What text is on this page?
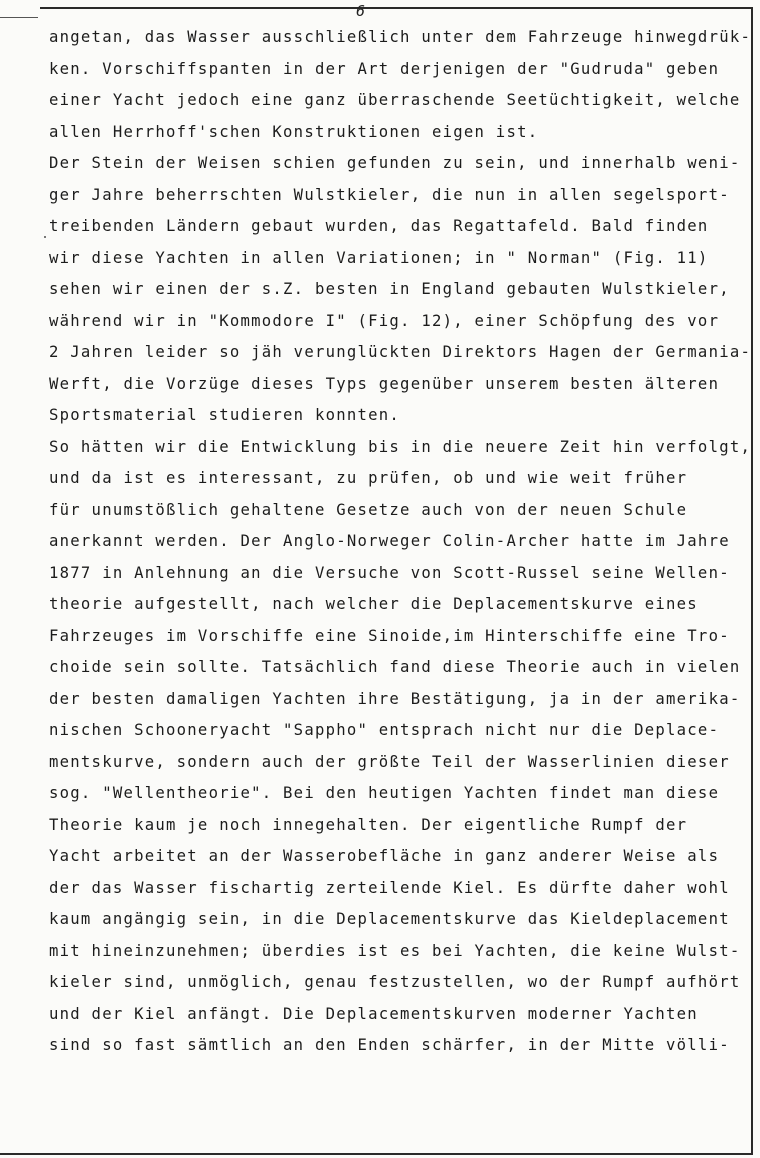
6
angetan, das Wasser ausschließlich unter dem Fahrzeuge hinwegdrük-
ken. Vorschiffspanten in der Art derjenigen der "Gudruda" geben
einer Yacht jedoch eine ganz überraschende Seetüchtigkeit, welche
allen Herrhoff'schen Konstruktionen eigen ist.
Der Stein der Weisen schien gefunden zu sein, und innerhalb weni-
ger Jahre beherrschten Wulstkieler, die nun in allen segelsport-
treibenden Ländern gebaut wurden, das Regattafeld. Bald finden
wir diese Yachten in allen Variationen; in " Norman" (Fig. 11)
sehen wir einen der s.Z. besten in England gebauten Wulstkieler,
während wir in "Kommodore I" (Fig. 12), einer Schöpfung des vor
2 Jahren leider so jäh verunglückten Direktors Hagen der Germania-
Werft, die Vorzüge dieses Typs gegenüber unserem besten älteren
Sportsmaterial studieren konnten.
So hätten wir die Entwicklung bis in die neuere Zeit hin verfolgt,
und da ist es interessant, zu prüfen, ob und wie weit früher
für unumstößlich gehaltene Gesetze auch von der neuen Schule
anerkannt werden. Der Anglo-Norweger Colin-Archer hatte im Jahre
1877 in Anlehnung an die Versuche von Scott-Russel seine Wellen-
theorie aufgestellt, nach welcher die Deplacementskurve eines
Fahrzeuges im Vorschiffe eine Sinoide,im Hinterschiffe eine Tro-
choide sein sollte. Tatsächlich fand diese Theorie auch in vielen
der besten damaligen Yachten ihre Bestätigung, ja in der amerika-
nischen Schooneryacht "Sappho" entsprach nicht nur die Deplace-
mentskurve, sondern auch der größte Teil der Wasserlinien dieser
sog. "Wellentheorie". Bei den heutigen Yachten findet man diese
Theorie kaum je noch innegehalten. Der eigentliche Rumpf der
Yacht arbeitet an der Wasserobefläche in ganz anderer Weise als
der das Wasser fischartig zerteilende Kiel. Es dürfte daher wohl
kaum angängig sein, in die Deplacementskurve das Kieldeplacement
mit hineinzunehmen; überdies ist es bei Yachten, die keine Wulst-
kieler sind, unmöglich, genau festzustellen, wo der Rumpf aufhört
und der Kiel anfängt. Die Deplacementskurven moderner Yachten
sind so fast sämtlich an den Enden schärfer, in der Mitte völli-
